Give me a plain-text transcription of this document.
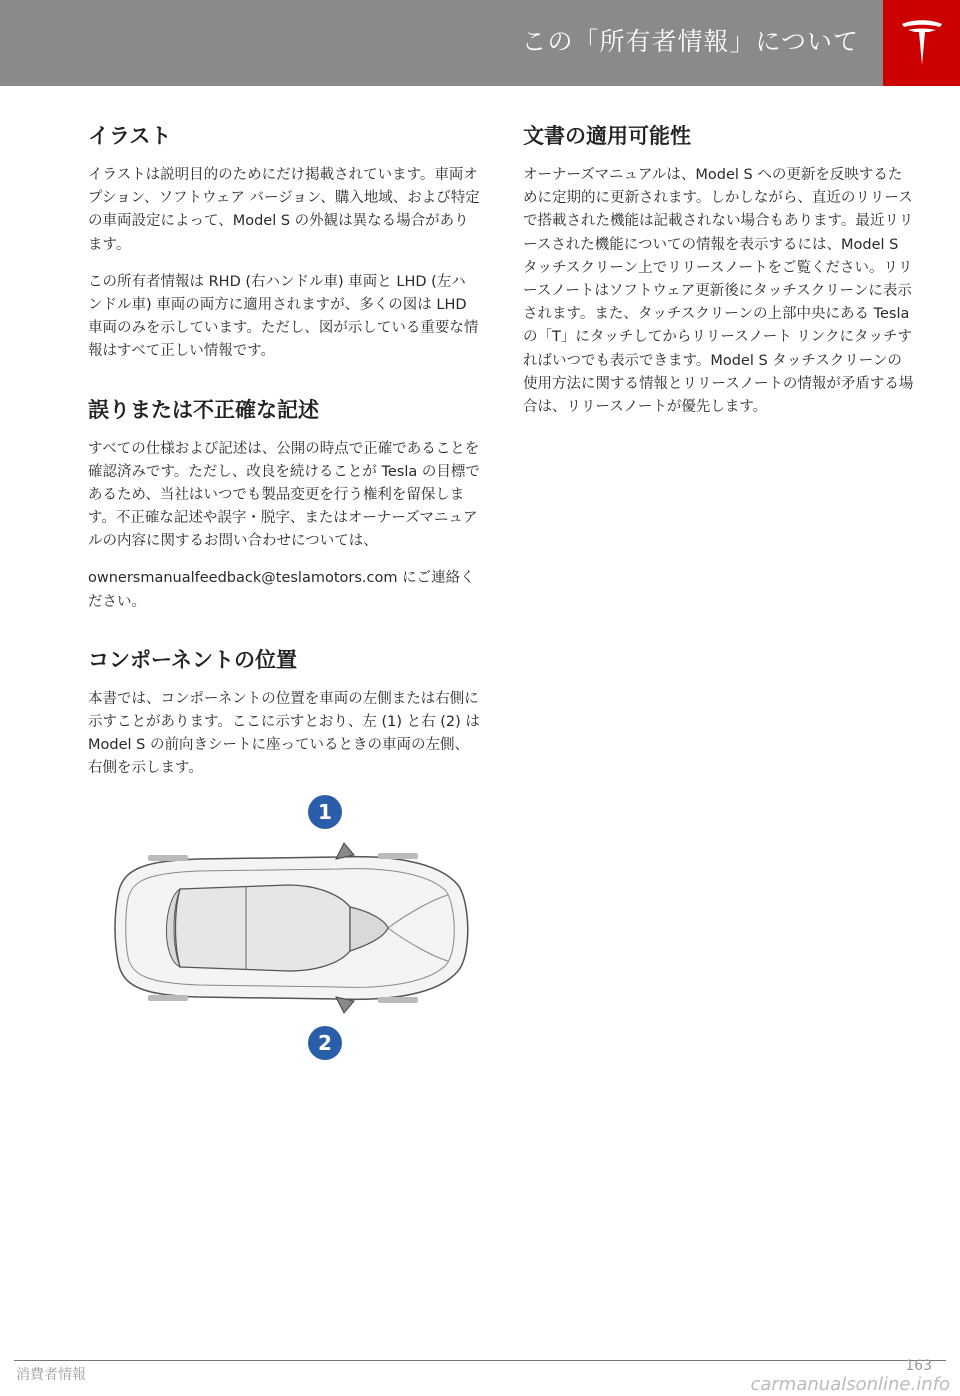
この「所有者情報」について
イラスト

イラストは説明目的のためにだけ掲載されています。車両オプション、ソフトウェア バージョン、購入地域、および特定の車両設定によって、Model S の外観は異なる場合があります。

この所有者情報は RHD (右ハンドル車) 車両と LHD (左ハンドル車) 車両の両方に適用されますが、多くの図は LHD 車両のみを示しています。ただし、図が示している重要な情報はすべて正しい情報です。

誤りまたは不正確な記述

すべての仕様および記述は、公開の時点で正確であることを確認済みです。ただし、改良を続けることが Tesla の目標であるため、当社はいつでも製品変更を行う権利を留保します。不正確な記述や誤字・脱字、またはオーナーズマニュアルの内容に関するお問い合わせについては、

ownersmanualfeedback@teslamotors.com にご連絡ください。

コンポーネントの位置

本書では、コンポーネントの位置を車両の左側または右側に示すことがあります。ここに示すとおり、左 (1) と右 (2) は Model S の前向きシートに座っているときの車両の左側、右側を示します。

1
2
文書の適用可能性

オーナーズマニュアルは、Model S への更新を反映するために定期的に更新されます。しかしながら、直近のリリースで搭載された機能は記載されない場合もあります。最近リリースされた機能についての情報を表示するには、Model S タッチスクリーン上でリリースノートをご覧ください。リリースノートはソフトウェア更新後にタッチスクリーンに表示されます。また、タッチスクリーンの上部中央にある Tesla の「T」にタッチしてからリリースノート リンクにタッチすればいつでも表示できます。Model S タッチスクリーンの使用方法に関する情報とリリースノートの情報が矛盾する場合は、リリースノートが優先します。

消費者情報
163
carmanualsonline.info
